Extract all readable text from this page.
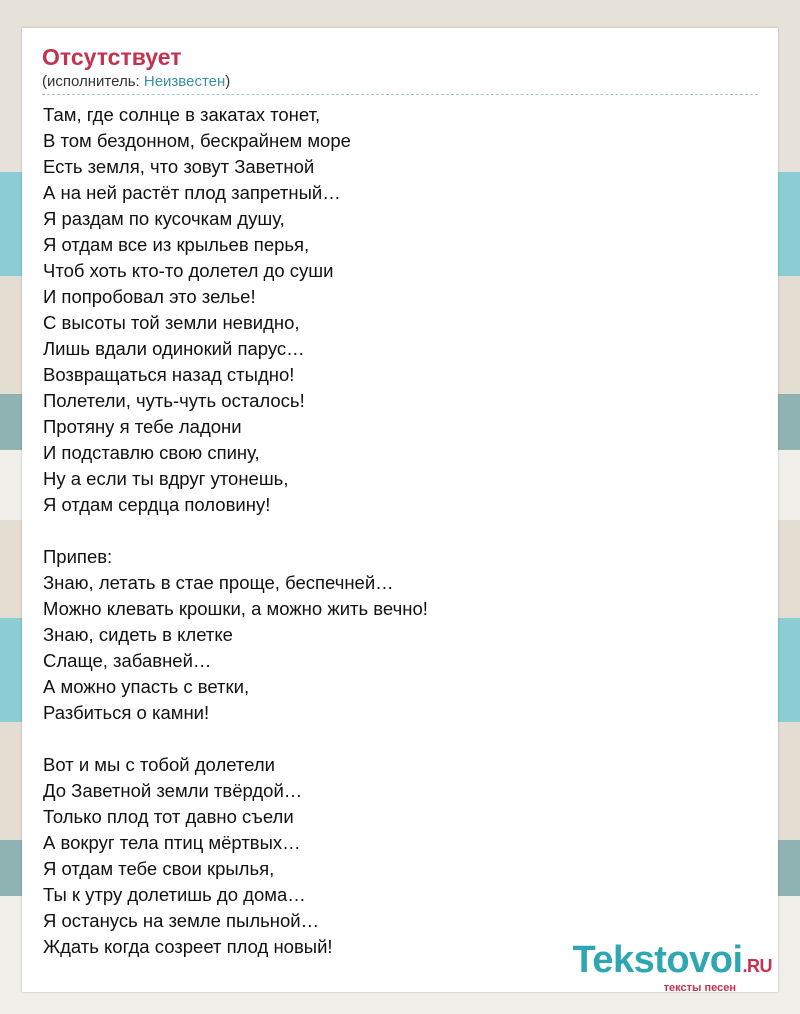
Отсутствует
(исполнитель: Неизвестен)
Там, где солнце в закатах тонет,
В том бездонном, бескрайнем море
Есть земля, что зовут Заветной
А на ней растёт плод запретный…
Я раздам по кусочкам душу,
Я отдам все из крыльев перья,
Чтоб хоть кто-то долетел до суши
И попробовал это зелье!
С высоты той земли невидно,
Лишь вдали одинокий парус…
Возвращаться назад стыдно!
Полетели, чуть-чуть осталось!
Протяну я тебе ладони
И подставлю свою спину,
Ну а если ты вдруг утонешь,
Я отдам сердца половину!
Припев:
Знаю, летать в стае проще, беспечней…
Можно клевать крошки, а можно жить вечно!
Знаю, сидеть в клетке
Слаще, забавней…
А можно упасть с ветки,
Разбиться о камни!
Вот и мы с тобой долетели
До Заветной земли твёрдой…
Только плод тот давно съели
А вокруг тела птиц мёртвых…
Я отдам тебе свои крылья,
Ты к утру долетишь до дома…
Я останусь на земле пыльной…
Ждать когда созреет плод новый!	Tekstovoi.RU
тексты песен
